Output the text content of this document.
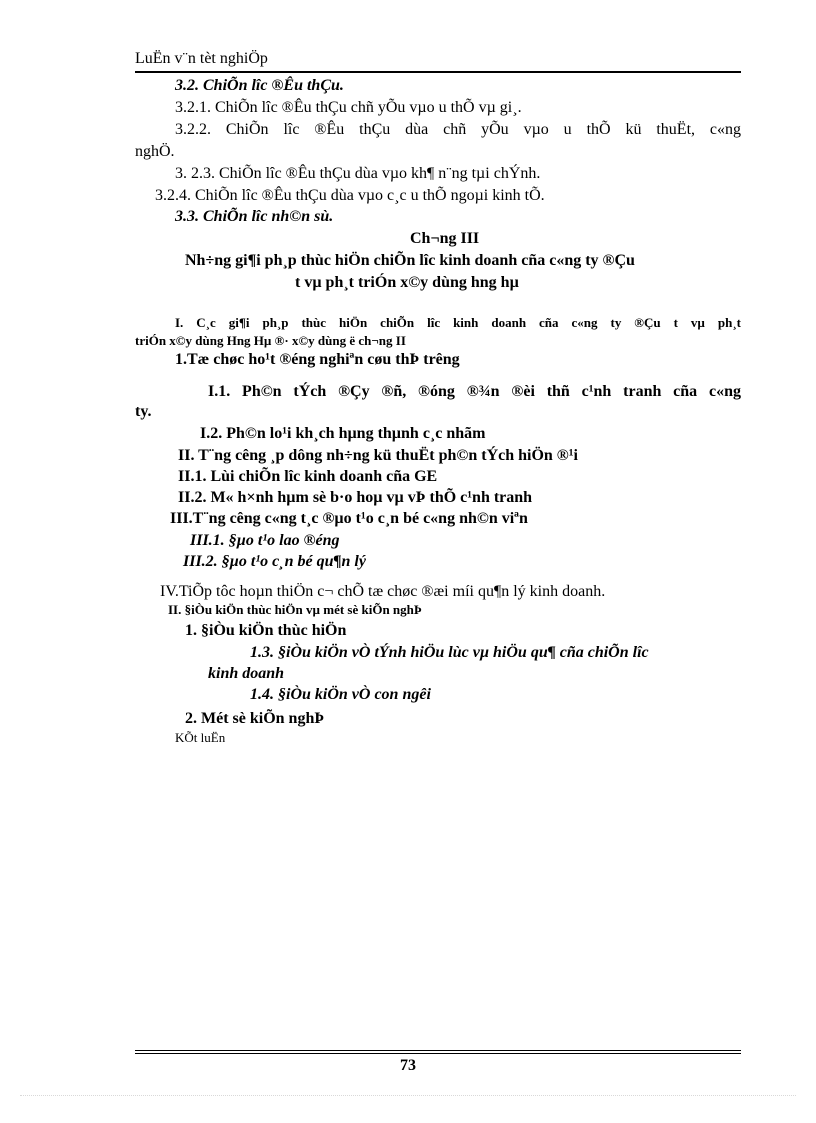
LuËn v¨n tèt nghiÖp
3.2. ChiÕn lîc ®Êu thÇu.
3.2.1. ChiÕn lîc ®Êu thÇu chñ yÕu vµo u thÕ vµ gi¸.
3.2.2. ChiÕn lîc ®Êu thÇu dùa chñ yÕu vµo u thÕ kü thuËt, c«ng
nghÖ.
3. 2.3. ChiÕn lîc ®Êu thÇu dùa vµo kh¶ n¨ng tµi chÝnh.
3.2.4. ChiÕn lîc ®Êu thÇu dùa vµo c¸c u thÕ ngoµi kinh tÕ.
3.3. ChiÕn lîc nh©n sù.
Ch¬ng III
Nh÷ng gi¶i ph¸p thùc hiÖn chiÕn lîc kinh doanh cña c«ng ty ®Çu
t vµ ph¸t triÓn x©y dùng hng hµ
I. C¸c gi¶i ph¸p thùc hiÖn chiÕn lîc kinh doanh cña c«ng ty ®Çu t vµ ph¸t
triÓn x©y dùng Hng Hµ ®· x©y dùng ë ch¬ng II
1.Tæ chøc ho¹t ®éng nghiªn cøu thÞ trêng
I.1. Ph©n tÝch ®Çy ®ñ, ®óng ®¾n ®èi thñ c¹nh tranh cña c«ng
ty.
I.2. Ph©n lo¹i kh¸ch hµng thµnh c¸c nhãm
II. T¨ng cêng ¸p dông nh÷ng kü thuËt ph©n tÝch hiÖn ®¹i
II.1. Lùi chiÕn lîc kinh doanh cña GE
II.2. M« h×nh hµm sè b·o hoµ vµ vÞ thÕ c¹nh tranh
III.T¨ng cêng c«ng t¸c ®µo t¹o c¸n bé c«ng nh©n viªn
III.1. §µo t¹o lao ®éng
III.2. §µo t¹o c¸n bé qu¶n lý
IV.TiÕp tôc hoµn thiÖn c¬ chÕ tæ chøc ®æi míi qu¶n lý kinh doanh.
II. §iÒu kiÖn thùc hiÖn vµ mét sè kiÕn nghÞ
1. §iÒu kiÖn thùc hiÖn
1.3. §iÒu kiÖn vÒ tÝnh hiÖu lùc vµ hiÖu qu¶ cña chiÕn lîc
kinh doanh
1.4. §iÒu kiÖn vÒ con ngêi
2. Mét sè kiÕn nghÞ
KÕt luËn
73
